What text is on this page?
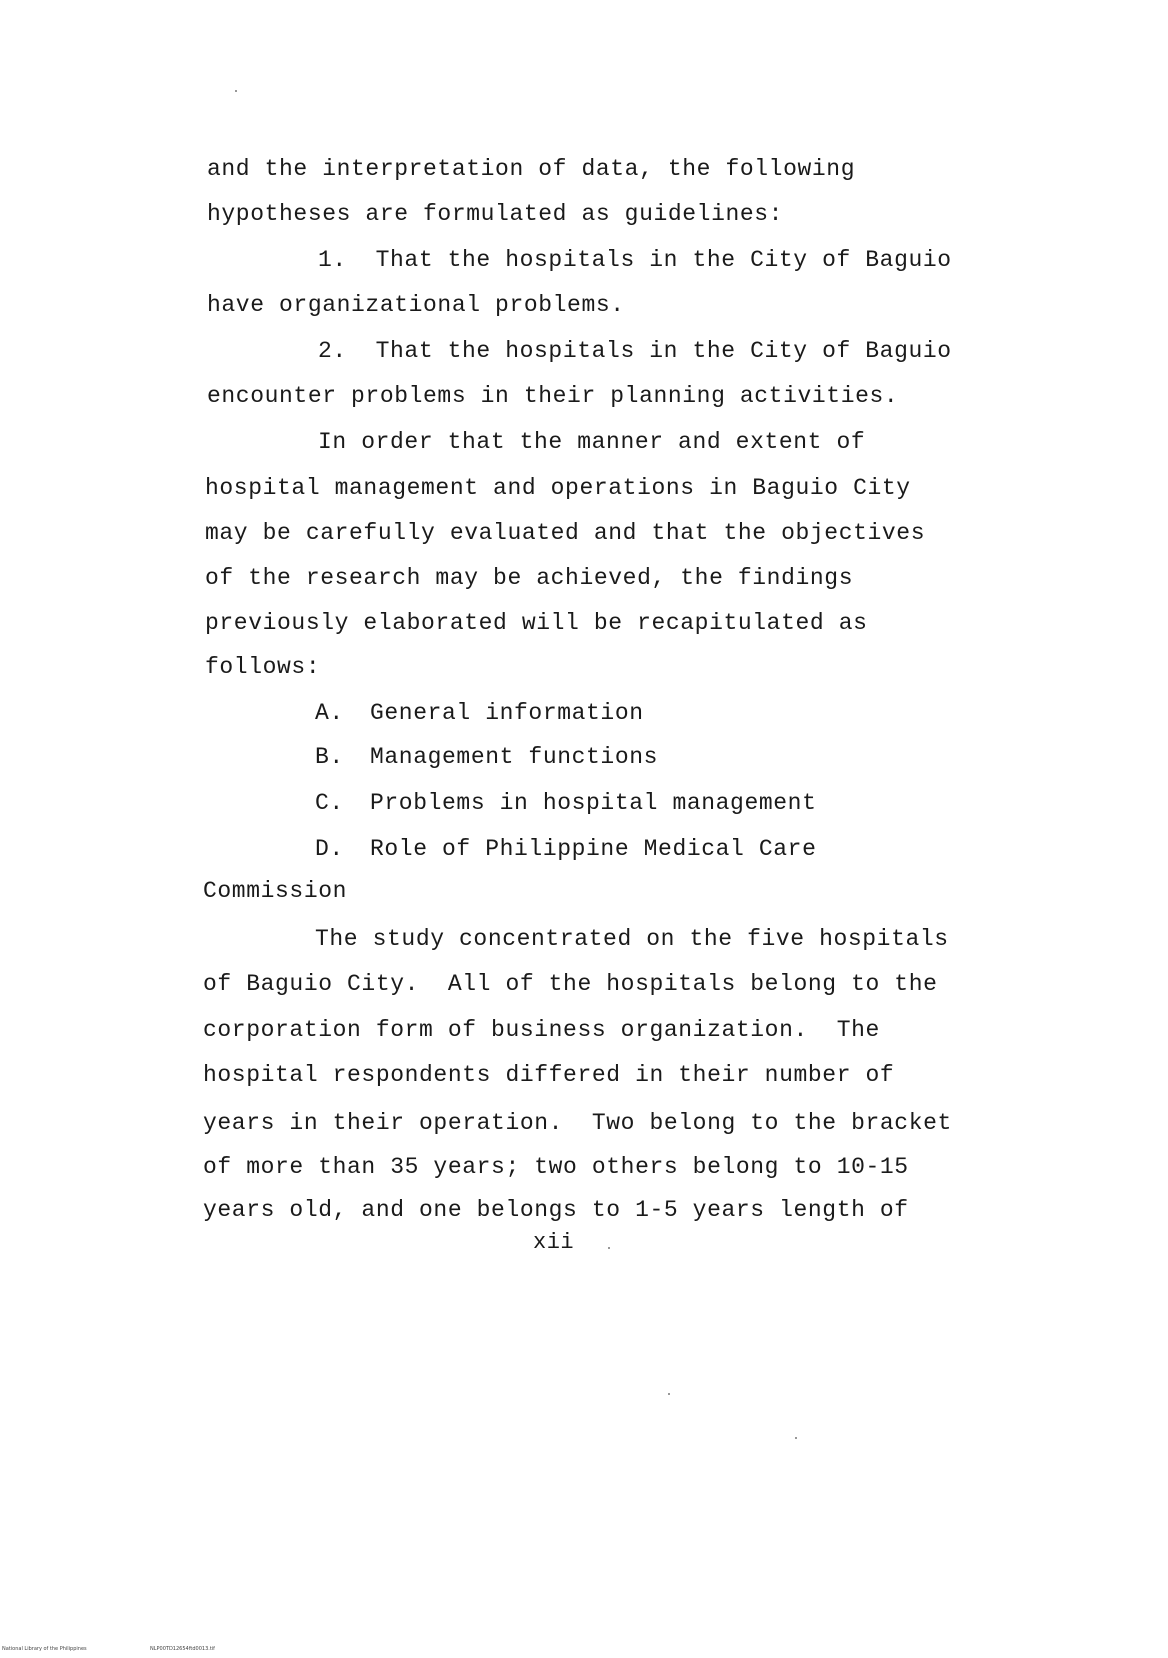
and the interpretation of data, the following
hypotheses are formulated as guidelines:
1.  That the hospitals in the City of Baguio
have organizational problems.
2.  That the hospitals in the City of Baguio
encounter problems in their planning activities.
In order that the manner and extent of
hospital management and operations in Baguio City
may be carefully evaluated and that the objectives
of the research may be achieved, the findings
previously elaborated will be recapitulated as
follows:
A. General information
B. Management functions
C. Problems in hospital management
D. Role of Philippine Medical Care
Commission
The study concentrated on the five hospitals
of Baguio City.  All of the hospitals belong to the
corporation form of business organization.  The
hospital respondents differed in their number of
years in their operation.  Two belong to the bracket
of more than 35 years; two others belong to 10-15
years old, and one belongs to 1-5 years length of
xii
National Library of the Philippines	NLP00TD12654ftd0013.tif
